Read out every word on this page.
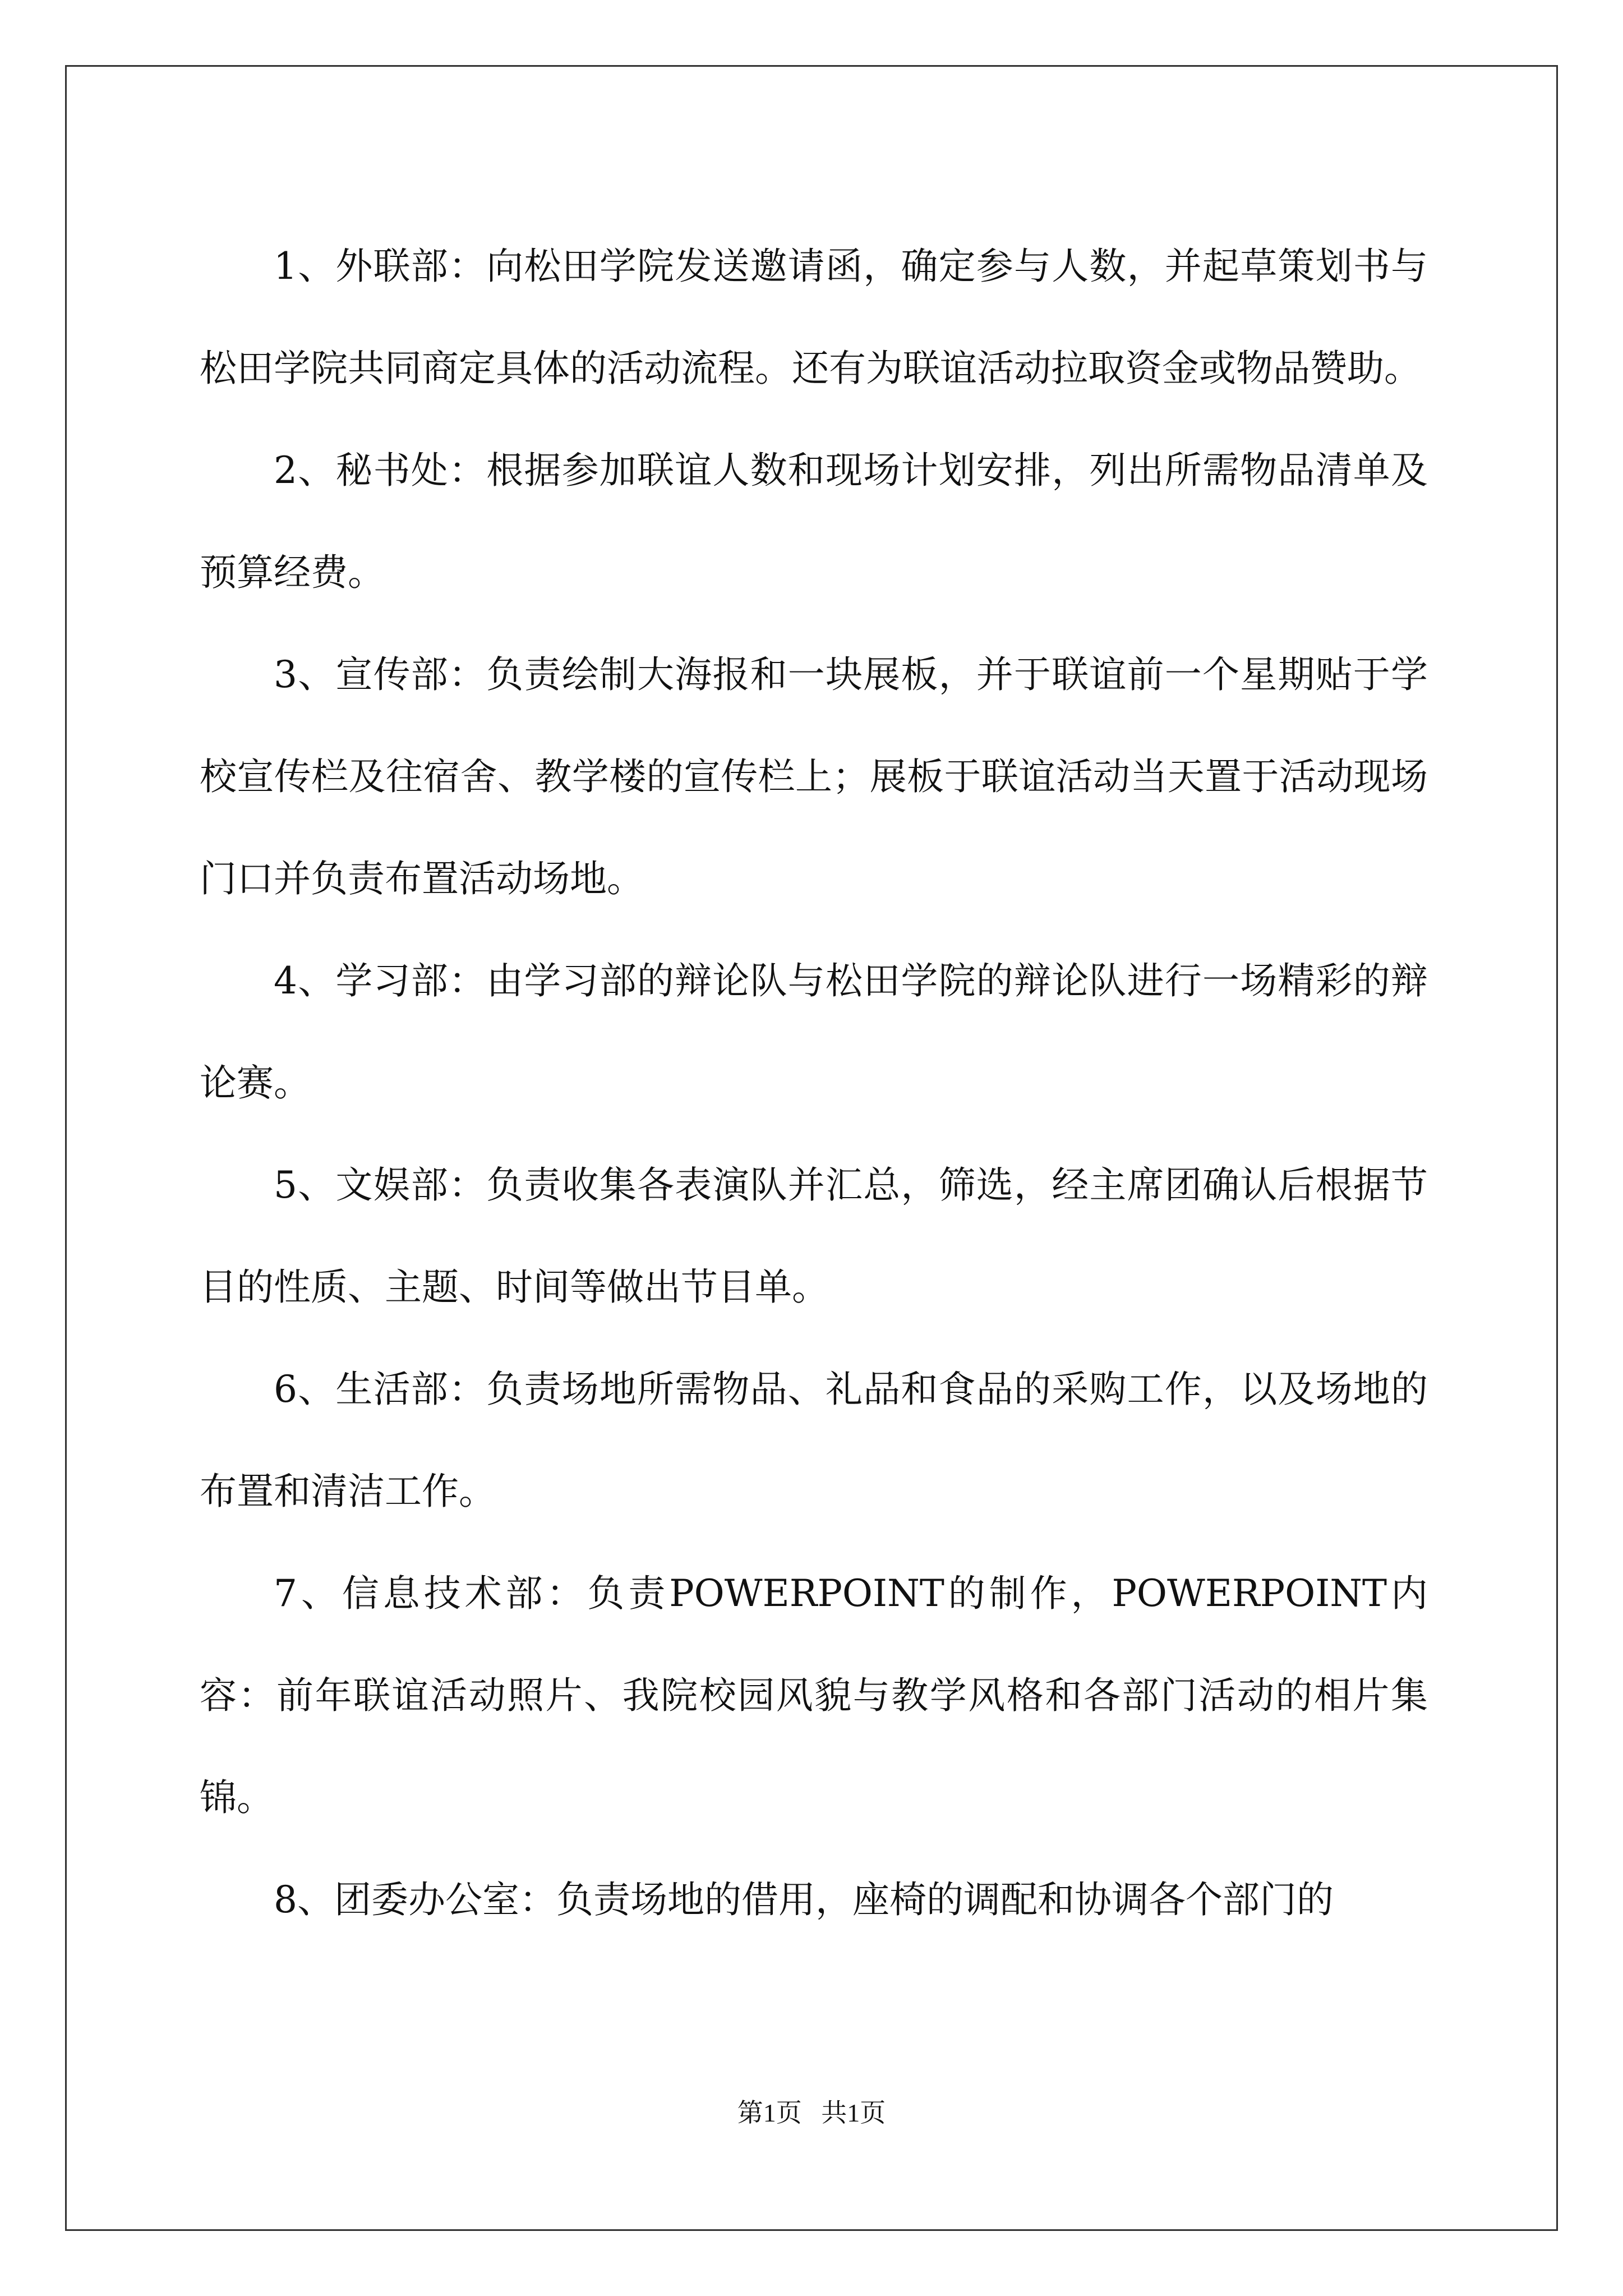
1、外联部：向松田学院发送邀请函，确定参与人数，并起草策划书与松田学院共同商定具体的活动流程。还有为联谊活动拉取资金或物品赞助。

2、秘书处：根据参加联谊人数和现场计划安排，列出所需物品清单及预算经费。

3、宣传部：负责绘制大海报和一块展板，并于联谊前一个星期贴于学校宣传栏及往宿舍、教学楼的宣传栏上；展板于联谊活动当天置于活动现场门口并负责布置活动场地。

4、学习部：由学习部的辩论队与松田学院的辩论队进行一场精彩的辩论赛。

5、文娱部：负责收集各表演队并汇总，筛选，经主席团确认后根据节目的性质、主题、时间等做出节目单。

6、生活部：负责场地所需物品、礼品和食品的采购工作，以及场地的布置和清洁工作。

7、信息技术部：负责POWERPOINT的制作，POWERPOINT内容：前年联谊活动照片、我院校园风貌与教学风格和各部门活动的相片集锦。

8、团委办公室：负责场地的借用，座椅的调配和协调各个部门的

第1页   共1页
